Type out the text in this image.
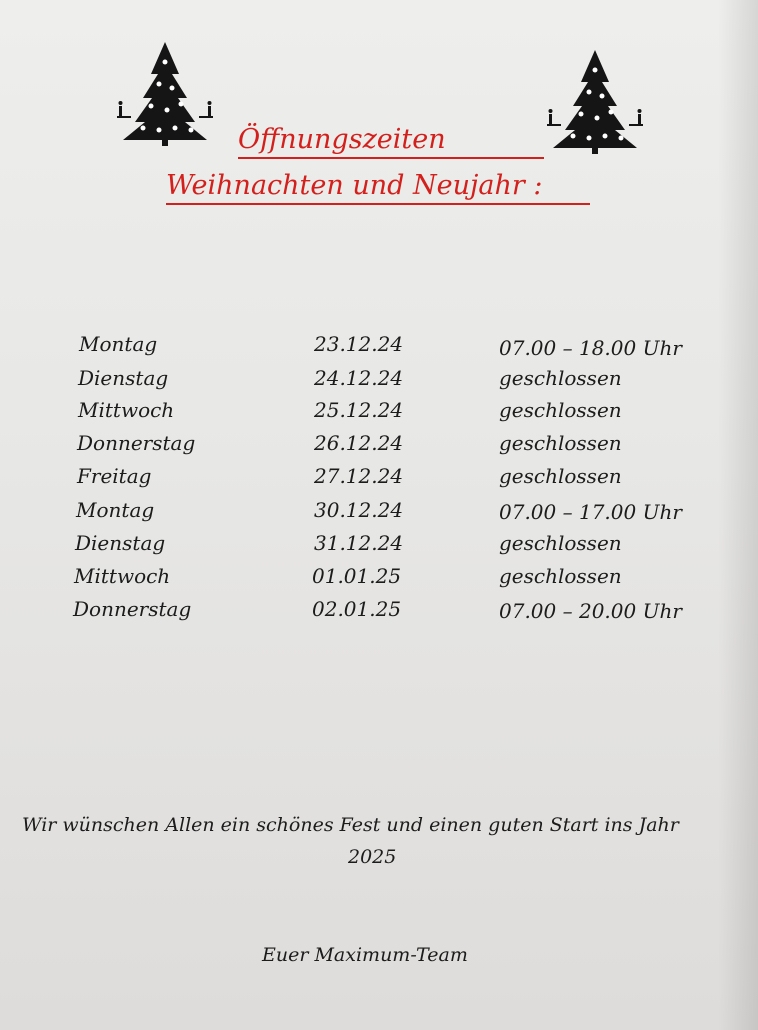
Öffnungszeiten
Weihnachten und Neujahr :
Montag	23.12.24	07.00 – 18.00 Uhr
Dienstag	24.12.24	geschlossen
Mittwoch	25.12.24	geschlossen
Donnerstag	26.12.24	geschlossen
Freitag	27.12.24	geschlossen
Montag	30.12.24	07.00 – 17.00 Uhr
Dienstag	31.12.24	geschlossen
Mittwoch	01.01.25	geschlossen
Donnerstag	02.01.25	07.00 – 20.00 Uhr
Wir wünschen Allen ein schönes Fest und einen guten Start ins Jahr
2025
Euer Maximum-Team
